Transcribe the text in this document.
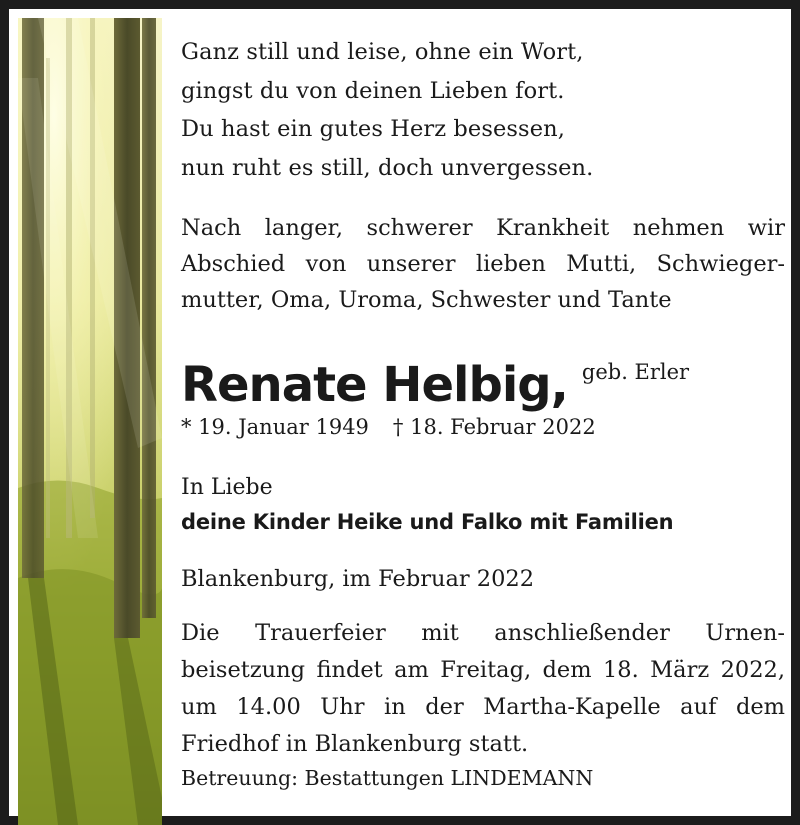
Ganz still und leise, ohne ein Wort,
gingst du von deinen Lieben fort.
Du hast ein gutes Herz besessen,
nun ruht es still, doch unvergessen.
Nach langer, schwerer Krankheit nehmen wir
Abschied von unserer lieben Mutti, Schwieger-
mutter, Oma, Uroma, Schwester und Tante
Renate Helbig, geb. Erler
* 19. Januar 1949 † 18. Februar 2022
In Liebe
deine Kinder Heike und Falko mit Familien
Blankenburg, im Februar 2022
Die Trauerfeier mit anschließender Urnen-
beisetzung findet am Freitag, dem 18. März 2022,
um 14.00 Uhr in der Martha-Kapelle auf dem
Friedhof in Blankenburg statt.
Betreuung: Bestattungen LINDEMANN
